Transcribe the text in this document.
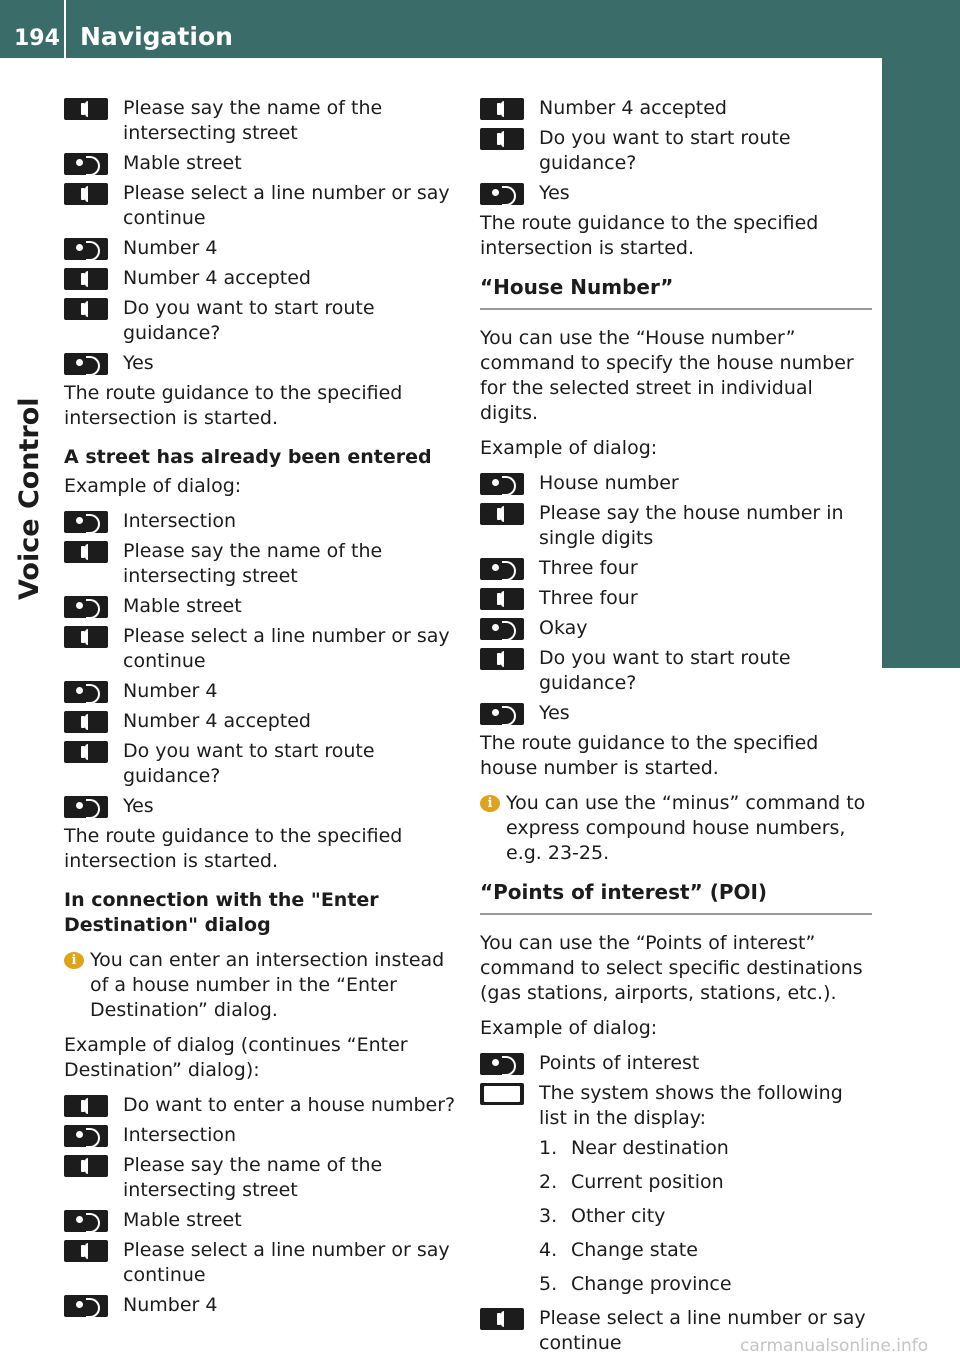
194 Navigation
Voice Control
Please say the name of the intersecting street
Mable street
Please select a line number or say continue
Number 4
Number 4 accepted
Do you want to start route guidance?
Yes

The route guidance to the specified intersection is started.

A street has already been entered

Example of dialog:

Intersection
Please say the name of the intersecting street
Mable street
Please select a line number or say continue
Number 4
Number 4 accepted
Do you want to start route guidance?
Yes

The route guidance to the specified intersection is started.

In connection with the "Enter Destination" dialog

i You can enter an intersection instead of a house number in the “Enter Destination” dialog.

Example of dialog (continues “Enter Destination” dialog):

Do want to enter a house number?
Intersection
Please say the name of the intersecting street
Mable street
Please select a line number or say continue
Number 4
Number 4 accepted
Do you want to start route guidance?
Yes

The route guidance to the specified intersection is started.

“House Number”

You can use the “House number” command to specify the house number for the selected street in individual digits.

Example of dialog:

House number
Please say the house number in single digits
Three four
Three four
Okay
Do you want to start route guidance?
Yes

The route guidance to the specified house number is started.

i You can use the “minus” command to express compound house numbers, e.g. 23-25.

“Points of interest” (POI)

You can use the “Points of interest” command to select specific destinations (gas stations, airports, stations, etc.).

Example of dialog:

Points of interest
The system shows the following list in the display:
1. Near destination
2. Current position
3. Other city
4. Change state
5. Change province
Please select a line number or say continue	carmanualsonline.info
